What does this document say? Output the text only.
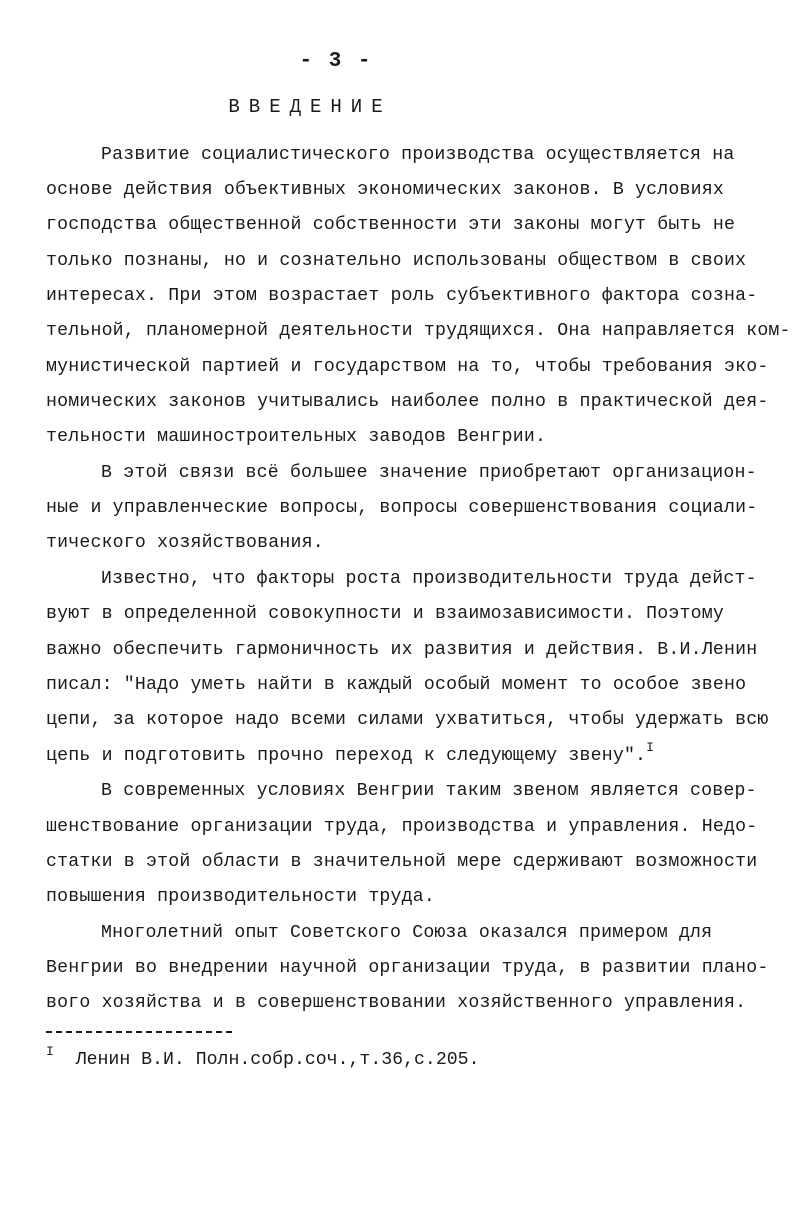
- 3 -
ВВЕДЕНИЕ
Развитие социалистического производства осуществляется на
основе действия объективных экономических законов. В условиях
господства общественной собственности эти законы могут быть не
только познаны, но и сознательно использованы обществом в своих
интересах. При этом возрастает роль субъективного фактора созна-
тельной, планомерной деятельности трудящихся. Она направляется ком-
мунистической партией и государством на то, чтобы требования эко-
номических законов учитывались наиболее полно в практической дея-
тельности машиностроительных заводов Венгрии.
В этой связи всё большее значение приобретают организацион-
ные и управленческие вопросы, вопросы совершенствования социали-
тического хозяйствования.
Известно, что факторы роста производительности труда дейст-
вуют в определенной совокупности и взаимозависимости. Поэтому
важно обеспечить гармоничность их развития и действия. В.И.Ленин
писал: "Надо уметь найти в каждый особый момент то особое звено
цепи, за которое надо всеми силами ухватиться, чтобы удержать всю
цепь и подготовить прочно переход к следующему звену".$^I$
В современных условиях Венгрии таким звеном является совер-
шенствование организации труда, производства и управления. Недо-
статки в этой области в значительной мере сдерживают возможности
повышения производительности труда.
Многолетний опыт Советского Союза оказался примером для
Венгрии во внедрении научной организации труда, в развитии плано-
вого хозяйства и в совершенствовании хозяйственного управления.
$^I$ Ленин В.И. Полн.собр.соч.,т.36,с.205.
